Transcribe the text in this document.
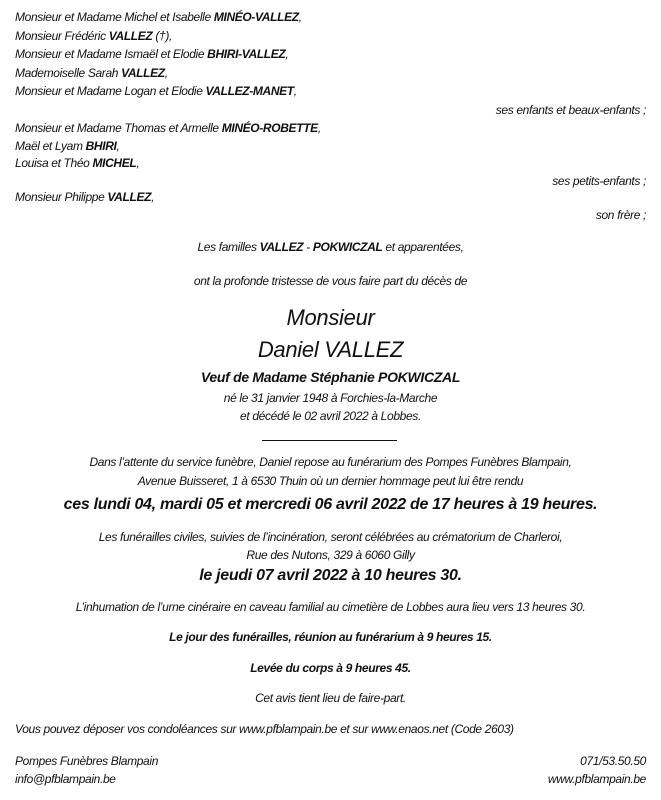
Monsieur et Madame Michel et Isabelle MINÉO-VALLEZ,
Monsieur Frédéric VALLEZ (†),
Monsieur et Madame Ismaël et Elodie BHIRI-VALLEZ,
Mademoiselle Sarah VALLEZ,
Monsieur et Madame Logan et Elodie VALLEZ-MANET,
ses enfants et beaux-enfants ;
Monsieur et Madame Thomas et Armelle MINÉO-ROBETTE,
Maël et Lyam BHIRI,
Louisa et Théo MICHEL,
ses petits-enfants ;
Monsieur Philippe VALLEZ,
son frère ;
Les familles VALLEZ - POKWICZAL et apparentées,
ont la profonde tristesse de vous faire part du décès de
Monsieur
Daniel VALLEZ
Veuf de Madame Stéphanie POKWICZAL
né le 31 janvier 1948 à Forchies-la-Marche
et décédé le 02 avril 2022 à Lobbes.
Dans l’attente du service funèbre, Daniel repose au funérarium des Pompes Funèbres Blampain,
Avenue Buisseret, 1 à 6530 Thuin où un dernier hommage peut lui être rendu
ces lundi 04, mardi 05 et mercredi 06 avril 2022 de 17 heures à 19 heures.
Les funérailles civiles, suivies de l’incinération, seront célébrées au crématorium de Charleroi,
Rue des Nutons, 329 à 6060 Gilly
le jeudi 07 avril 2022 à 10 heures 30.
L’inhumation de l’urne cinéraire en caveau familial au cimetière de Lobbes aura lieu vers 13 heures 30.
Le jour des funérailles, réunion au funérarium à 9 heures 15.
Levée du corps à 9 heures 45.
Cet avis tient lieu de faire-part.
Vous pouvez déposer vos condoléances sur www.pfblampain.be et sur www.enaos.net (Code 2603)
Pompes Funèbres Blampain
info@pfblampain.be
071/53.50.50
www.pfblampain.be
